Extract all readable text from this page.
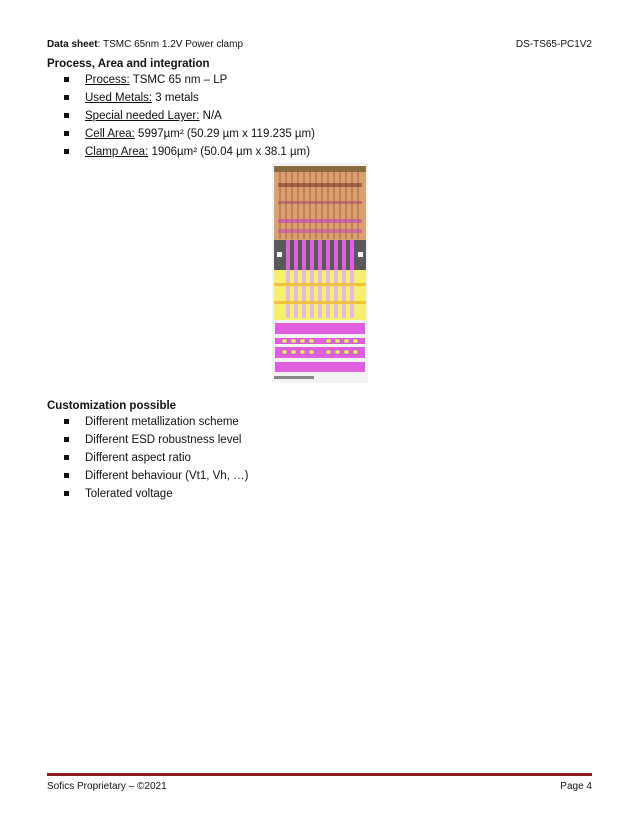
Data sheet: TSMC 65nm 1.2V Power clamp	DS-TS65-PC1V2
Process, Area and integration
Process: TSMC 65 nm – LP
Used Metals: 3 metals
Special needed Layer: N/A
Cell Area: 5997µm² (50.29 µm x 119.235 µm)
Clamp Area: 1906µm² (50.04 µm x 38.1 µm)
Customization possible
Different metallization scheme
Different ESD robustness level
Different aspect ratio
Different behaviour (Vt1, Vh, …)
Tolerated voltage
Sofics Proprietary – ©2021	Page 4
